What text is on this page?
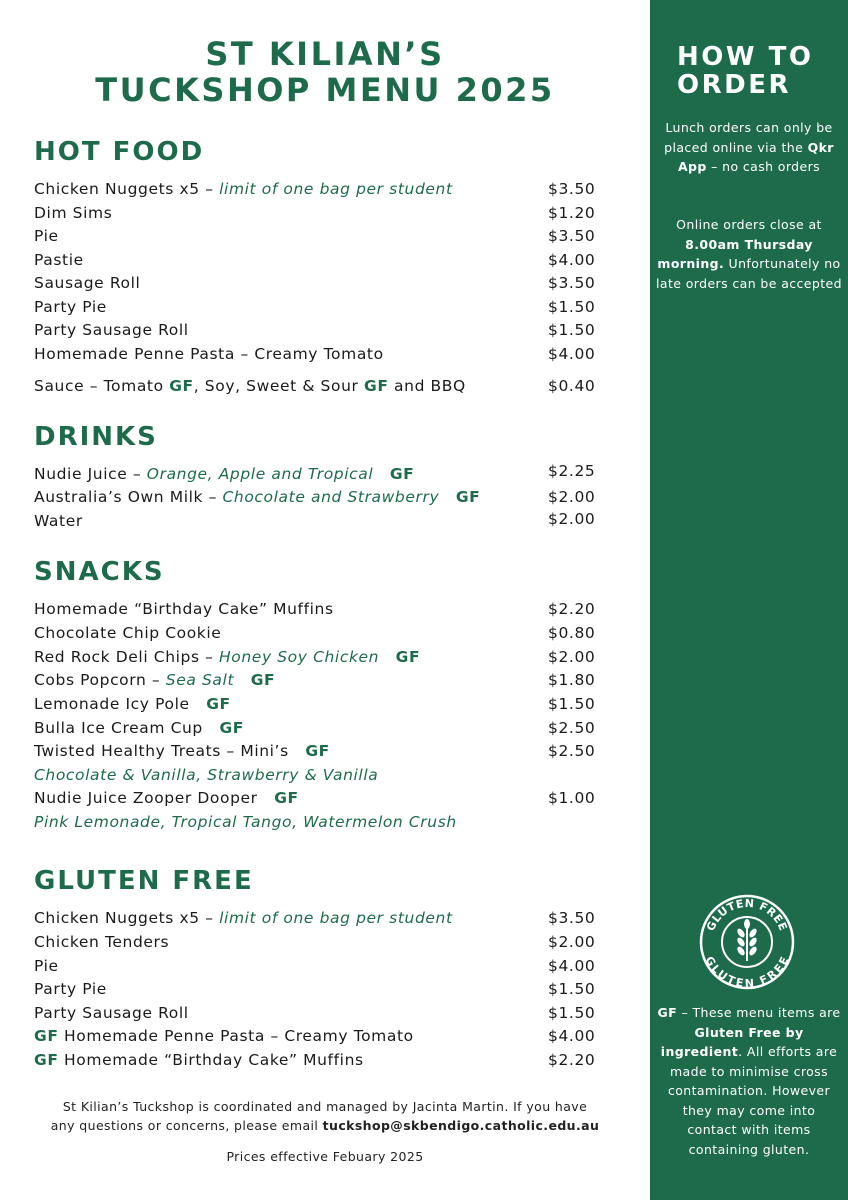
ST KILIAN’S
TUCKSHOP MENU 2025
HOT FOOD
Chicken Nuggets x5 – limit of one bag per student	$3.50
Dim Sims	$1.20
Pie	$3.50
Pastie	$4.00
Sausage Roll	$3.50
Party Pie	$1.50
Party Sausage Roll	$1.50
Homemade Penne Pasta – Creamy Tomato	$4.00
Sauce – Tomato GF, Soy, Sweet & Sour GF and BBQ	$0.40
DRINKS
Nudie Juice – Orange, Apple and Tropical GF	$2.25
Australia’s Own Milk – Chocolate and Strawberry GF	$2.00
Water	$2.00
SNACKS
Homemade “Birthday Cake” Muffins	$2.20
Chocolate Chip Cookie	$0.80
Red Rock Deli Chips – Honey Soy Chicken GF	$2.00
Cobs Popcorn – Sea Salt GF	$1.80
Lemonade Icy Pole GF	$1.50
Bulla Ice Cream Cup GF	$2.50
Twisted Healthy Treats – Mini’s GF	$2.50
Chocolate & Vanilla, Strawberry & Vanilla
Nudie Juice Zooper Dooper GF	$1.00
Pink Lemonade, Tropical Tango, Watermelon Crush
GLUTEN FREE
Chicken Nuggets x5 – limit of one bag per student	$3.50
Chicken Tenders	$2.00
Pie	$4.00
Party Pie	$1.50
Party Sausage Roll	$1.50
GF Homemade Penne Pasta – Creamy Tomato	$4.00
GF Homemade “Birthday Cake” Muffins	$2.20
St Kilian’s Tuckshop is coordinated and managed by Jacinta Martin. If you have
any questions or concerns, please email tuckshop@skbendigo.catholic.edu.au
Prices effective Febuary 2025
HOW TO
ORDER
Lunch orders can only be placed online via the Qkr App – no cash orders
Online orders close at 8.00am Thursday morning. Unfortunately no late orders can be accepted
GLUTEN FREE
GLUTEN FREE
GF – These menu items are Gluten Free by ingredient. All efforts are made to minimise cross contamination. However they may come into contact with items containing gluten.
